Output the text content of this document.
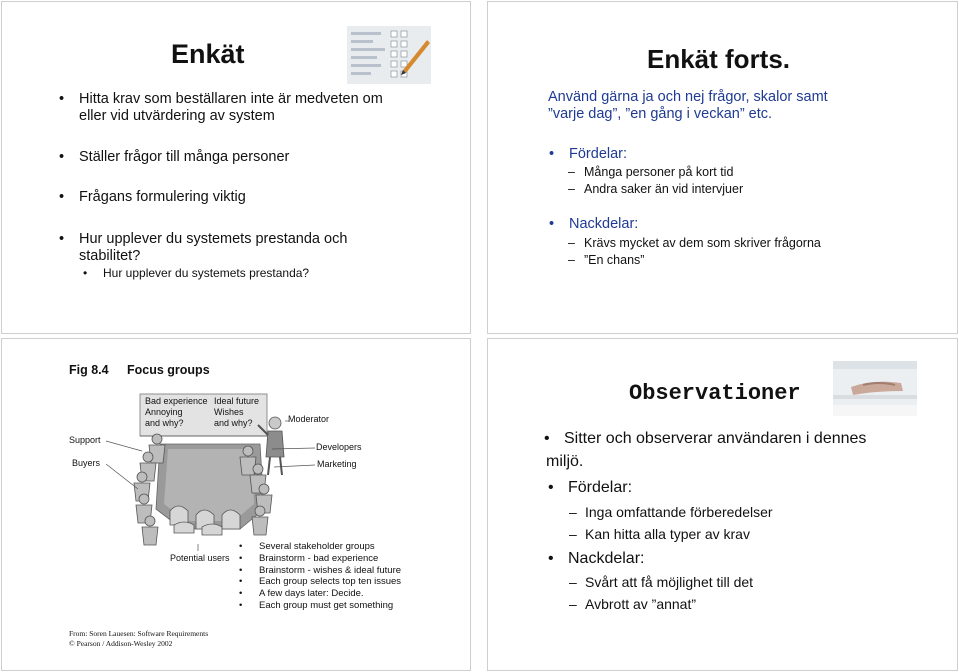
Enkät
• Hitta krav som beställaren inte är medveten om
eller vid utvärdering av system
• Ställer frågor till många personer
• Frågans formulering viktig
• Hur upplever du systemets prestanda och
stabilitet?
• Hur upplever du systemets prestanda?
Enkät forts.
Använd gärna ja och nej frågor, skalor samt
”varje dag”, ”en gång i veckan” etc.
• Fördelar:
– Många personer på kort tid
– Andra saker än vid intervjuer
• Nackdelar:
– Krävs mycket av dem som skriver frågorna
– ”En chans”
Fig 8.4 Focus groups
Bad experience
Annoying
and why?
Ideal future
Wishes
and why?	Moderator
Support
Buyers
Developers
Marketing
Potential users
• Several stakeholder groups
• Brainstorm - bad experience
• Brainstorm - wishes & ideal future
• Each group selects top ten issues
• A few days later: Decide.
• Each group must get something
From: Soren Lauesen: Software Requirements
© Pearson / Addison-Wesley 2002
Observationer
• Sitter och observerar användaren i dennes
miljö.
• Fördelar:
– Inga omfattande förberedelser
– Kan hitta alla typer av krav
• Nackdelar:
– Svårt att få möjlighet till det
– Avbrott av ”annat”
